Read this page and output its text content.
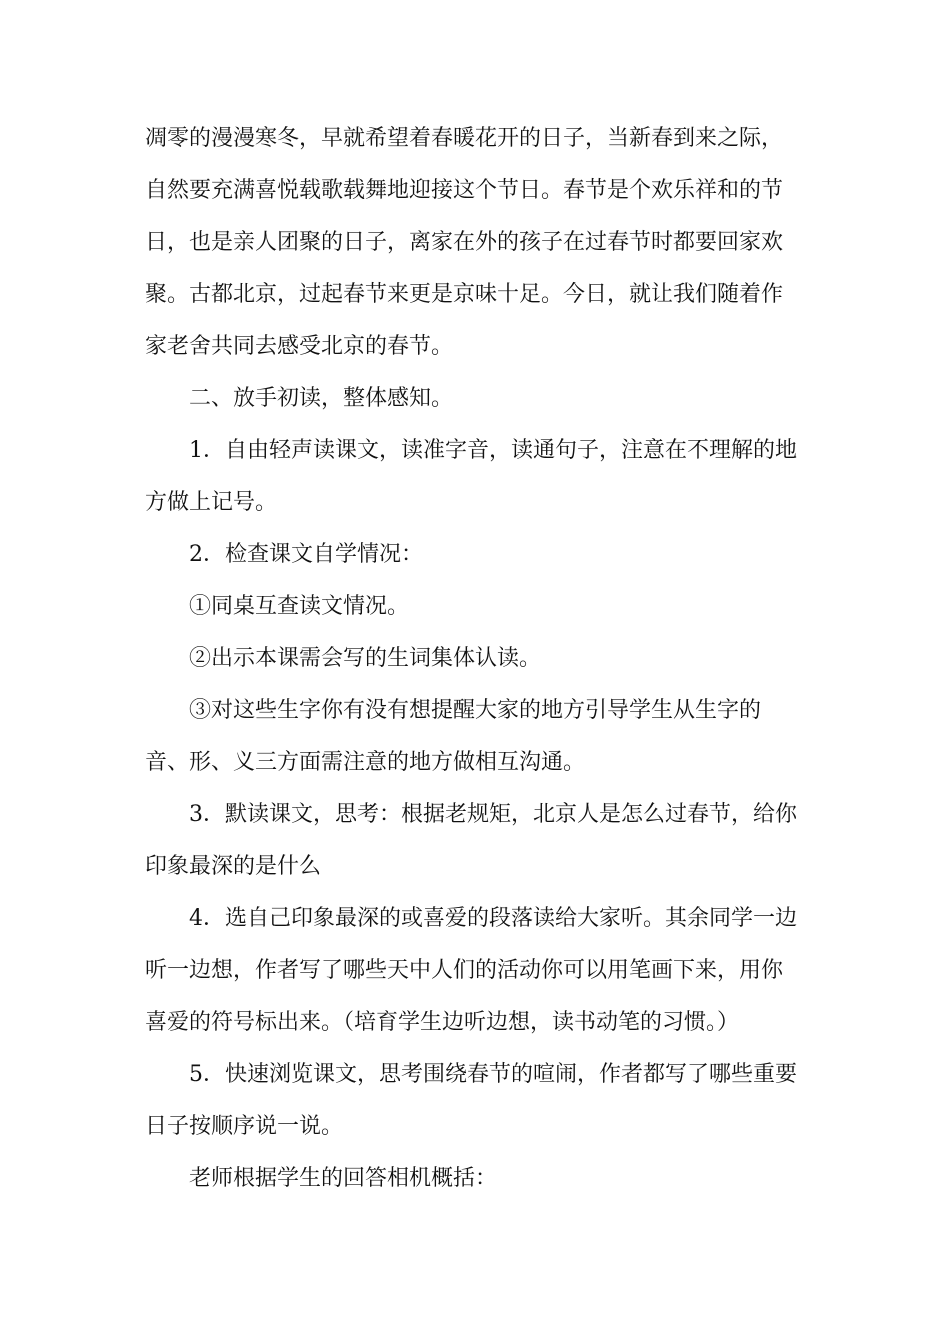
凋零的漫漫寒冬，早就希望着春暖花开的日子，当新春到来之际，
自然要充满喜悦载歌载舞地迎接这个节日。春节是个欢乐祥和的节
日，也是亲人团聚的日子，离家在外的孩子在过春节时都要回家欢
聚。古都北京，过起春节来更是京味十足。今日，就让我们随着作
家老舍共同去感受北京的春节。
二、放手初读，整体感知。
1．自由轻声读课文，读准字音，读通句子，注意在不理解的地
方做上记号。
2．检查课文自学情况：
①同桌互查读文情况。
②出示本课需会写的生词集体认读。
③对这些生字你有没有想提醒大家的地方引导学生从生字的
音、形、义三方面需注意的地方做相互沟通。
3．默读课文，思考：根据老规矩，北京人是怎么过春节，给你
印象最深的是什么
4．选自己印象最深的或喜爱的段落读给大家听。其余同学一边
听一边想，作者写了哪些天中人们的活动你可以用笔画下来，用你
喜爱的符号标出来。（培育学生边听边想，读书动笔的习惯。）
5．快速浏览课文，思考围绕春节的喧闹，作者都写了哪些重要
日子按顺序说一说。
老师根据学生的回答相机概括：
